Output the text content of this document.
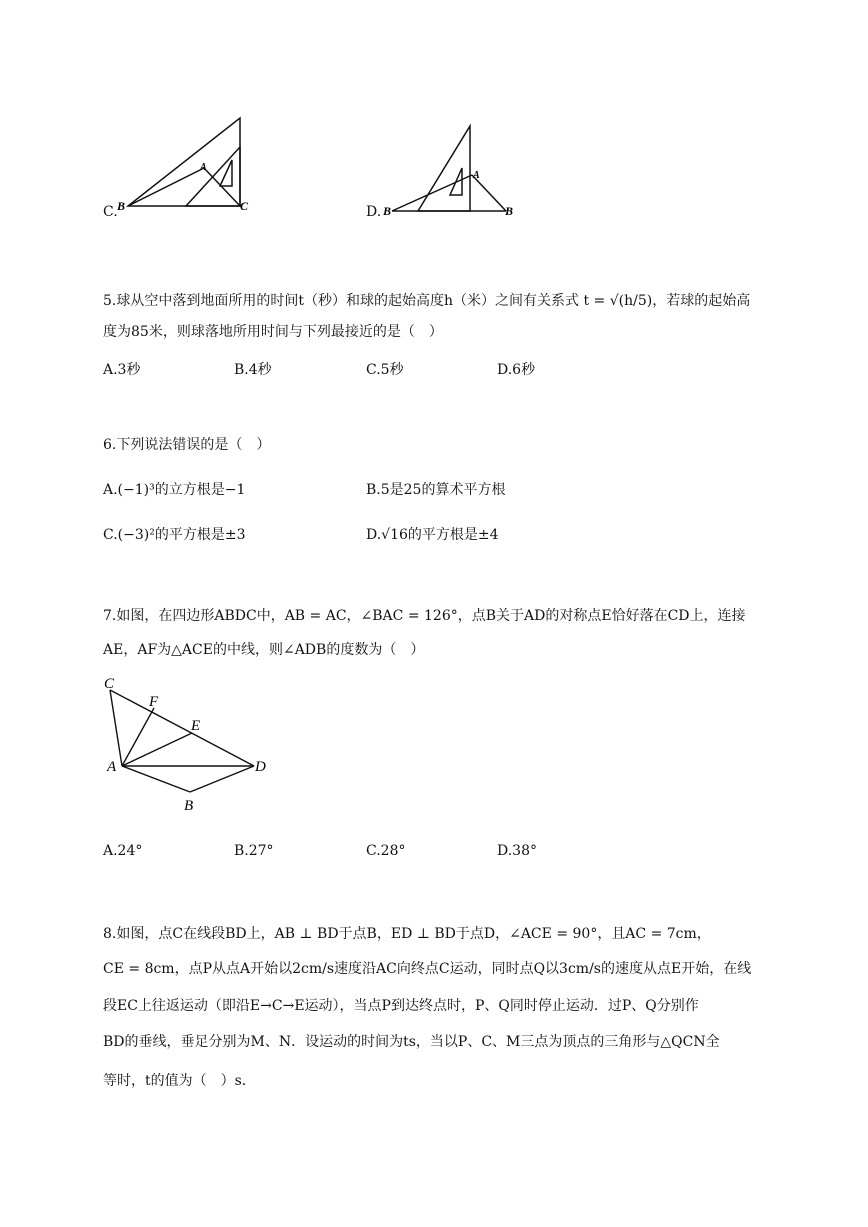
C. B
A
C	D. B
A
B
5.球从空中落到地面所用的时间t（秒）和球的起始高度h（米）之间有关系式 t = √(h/5)，若球的起始高
度为85米，则球落地所用时间与下列最接近的是（　）
A.3秒	B.4秒	C.5秒	D.6秒
6.下列说法错误的是（　）
A.(−1)³的立方根是−1	B.5是25的算术平方根
C.(−3)²的平方根是±3	D.√16的平方根是±4
7.如图，在四边形ABDC中，AB = AC，∠BAC = 126°，点B关于AD的对称点E恰好落在CD上，连接
AE，AF为△ACE的中线，则∠ADB的度数为（　）
C
F
E
A	D
B
A.24°	B.27°	C.28°	D.38°
8.如图，点C在线段BD上，AB ⊥ BD于点B，ED ⊥ BD于点D，∠ACE = 90°，且AC = 7cm，
CE = 8cm，点P从点A开始以2cm/s速度沿AC向终点C运动，同时点Q以3cm/s的速度从点E开始，在线
段EC上往返运动（即沿E→C→E运动），当点P到达终点时，P、Q同时停止运动．过P、Q分别作
BD的垂线，垂足分别为M、N．设运动的时间为ts，当以P、C、M三点为顶点的三角形与△QCN全
等时，t的值为（　）s．
